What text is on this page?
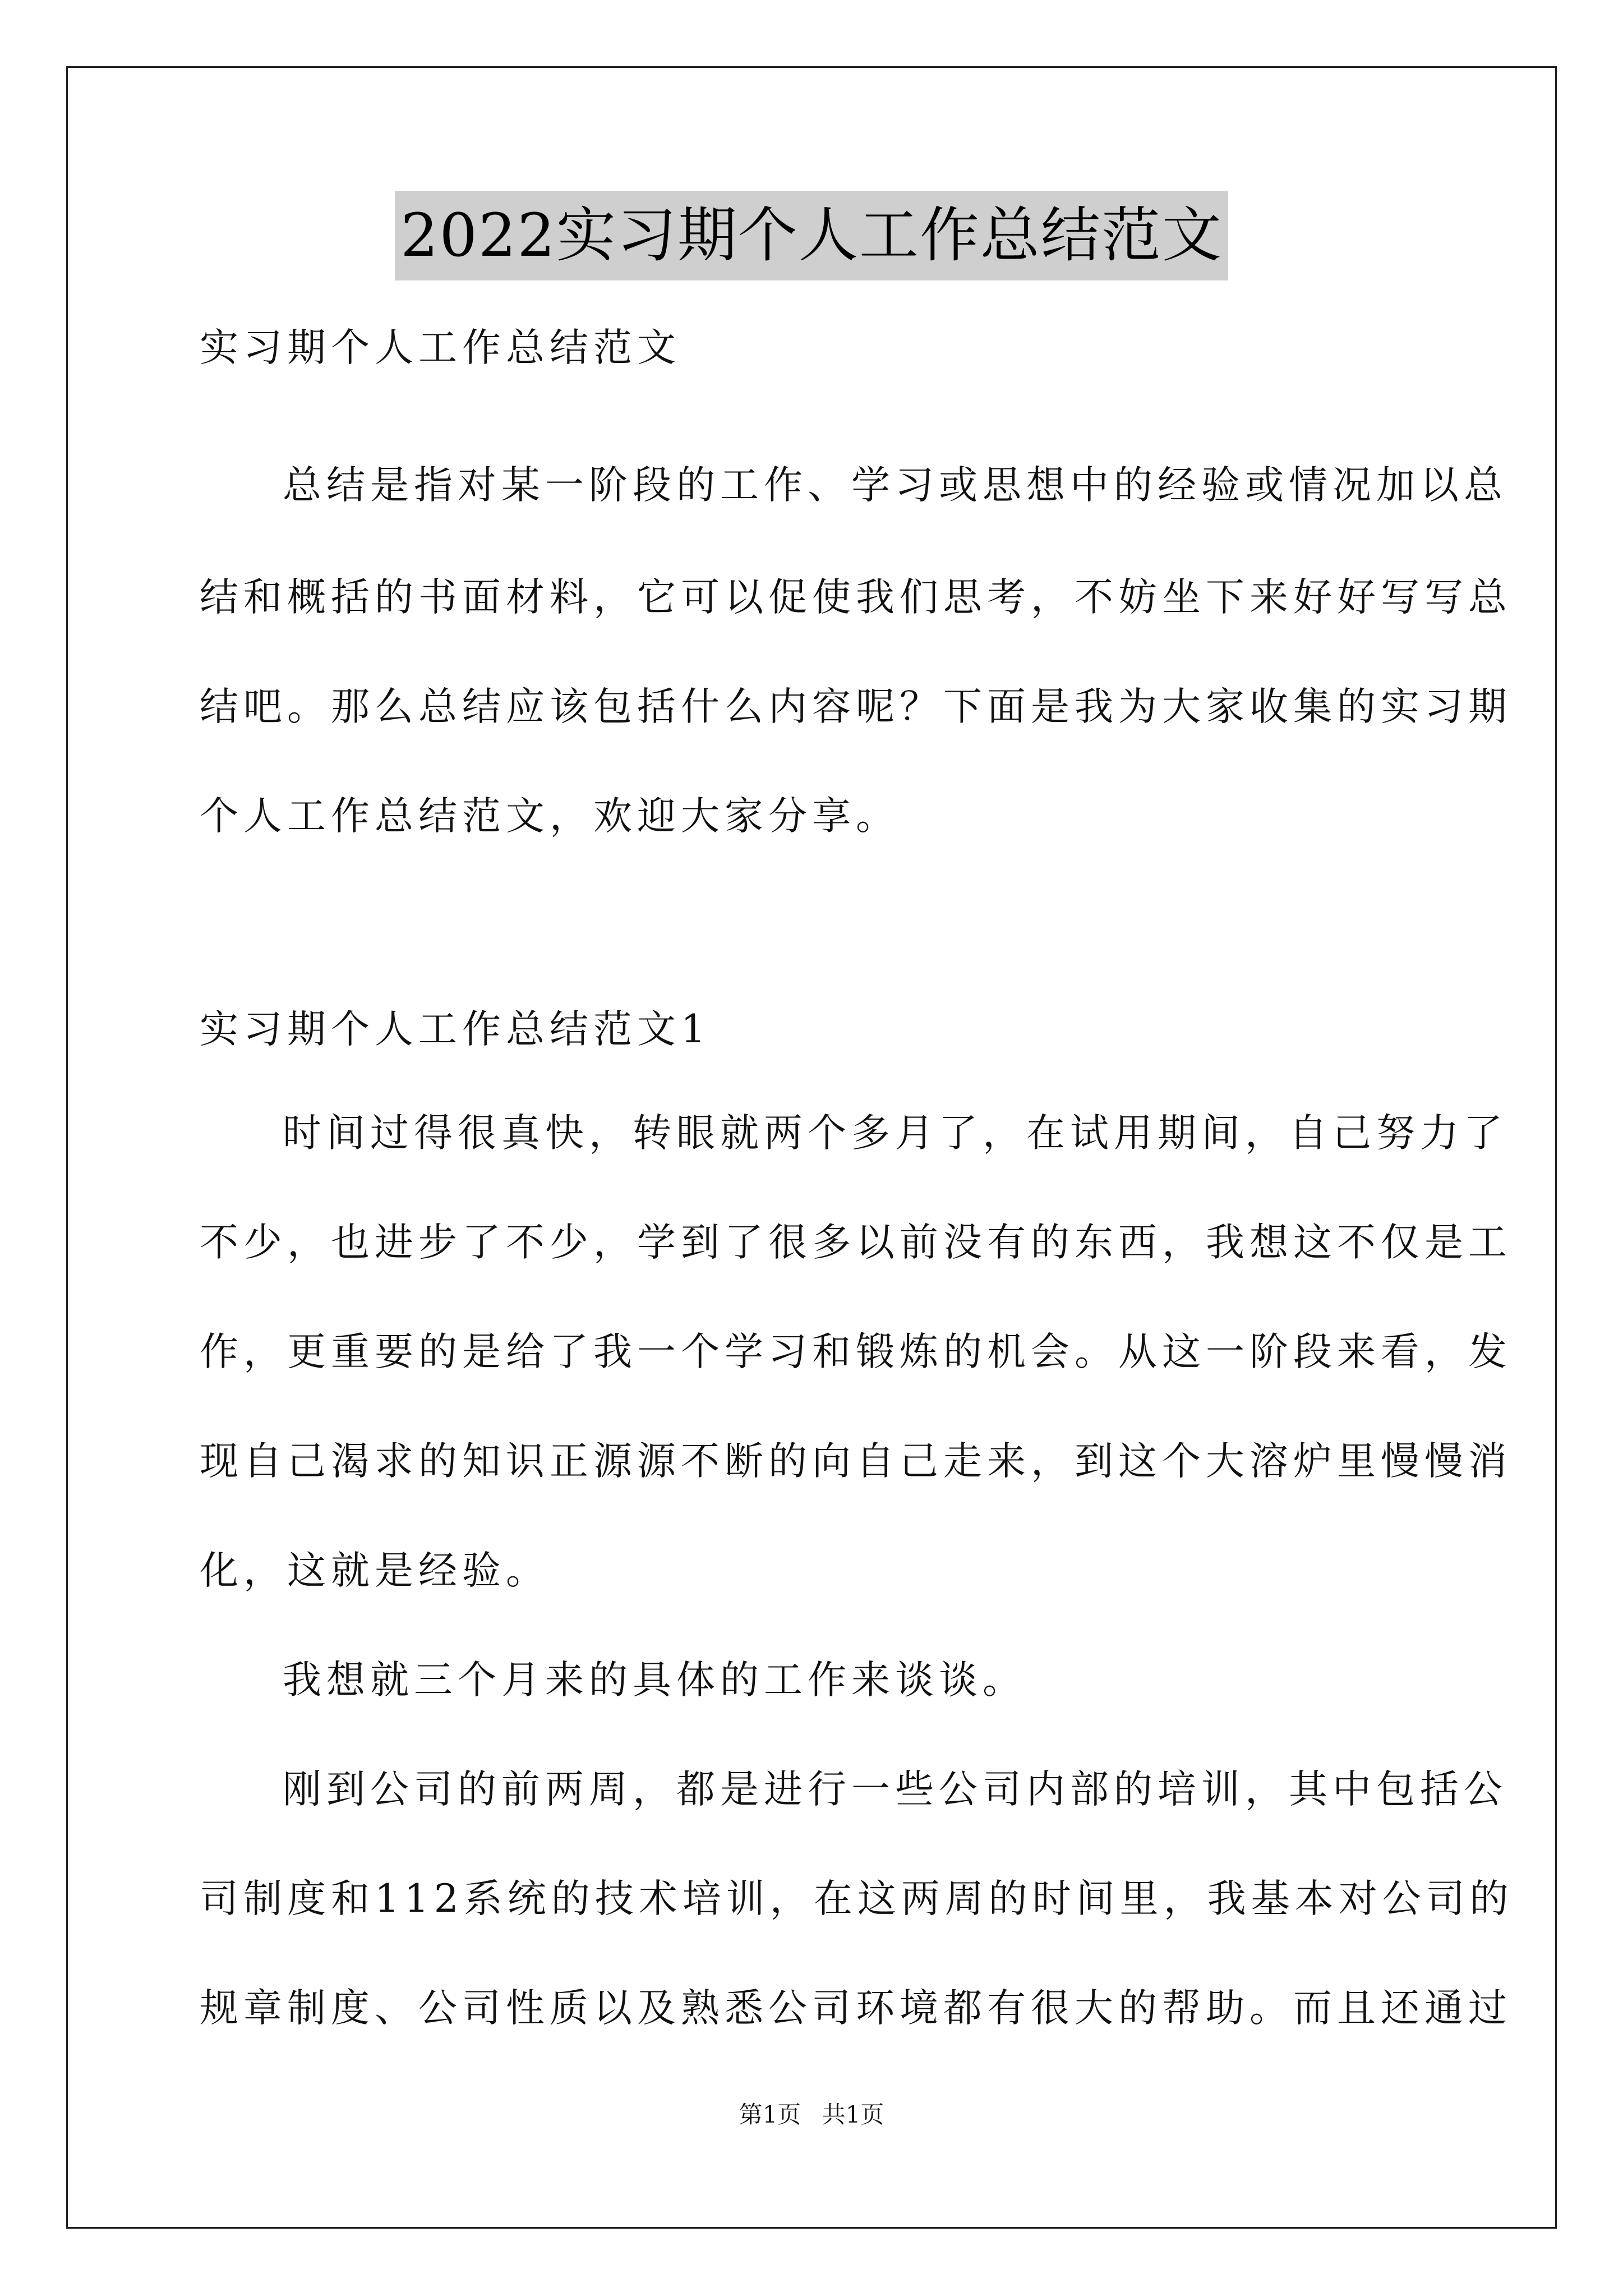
2022实习期个人工作总结范文
实习期个人工作总结范文
总结是指对某一阶段的工作、学习或思想中的经验或情况加以总
结和概括的书面材料，它可以促使我们思考，不妨坐下来好好写写总
结吧。那么总结应该包括什么内容呢？下面是我为大家收集的实习期
个人工作总结范文，欢迎大家分享。
实习期个人工作总结范文1
时间过得很真快，转眼就两个多月了，在试用期间，自己努力了
不少，也进步了不少，学到了很多以前没有的东西，我想这不仅是工
作，更重要的是给了我一个学习和锻炼的机会。从这一阶段来看，发
现自己渴求的知识正源源不断的向自己走来，到这个大溶炉里慢慢消
化，这就是经验。
我想就三个月来的具体的工作来谈谈。
刚到公司的前两周，都是进行一些公司内部的培训，其中包括公
司制度和112系统的技术培训，在这两周的时间里，我基本对公司的
规章制度、公司性质以及熟悉公司环境都有很大的帮助。而且还通过
第1页 共1页
